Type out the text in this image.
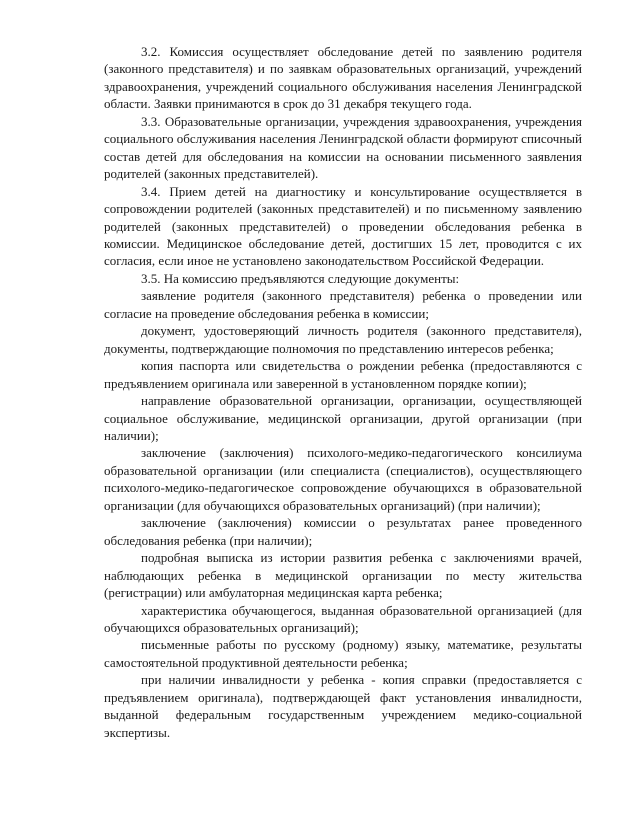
3.2. Комиссия осуществляет обследование детей по заявлению родителя (законного представителя) и по заявкам образовательных организаций, учреждений здравоохранения, учреждений социального обслуживания населения Ленинградской области. Заявки принимаются в срок до 31 декабря текущего года.

3.3. Образовательные организации, учреждения здравоохранения, учреждения социального обслуживания населения Ленинградской области формируют списочный состав детей для обследования на комиссии на основании письменного заявления родителей (законных представителей).

3.4. Прием детей на диагностику и консультирование осуществляется в сопровождении родителей (законных представителей) и по письменному заявлению родителей (законных представителей) о проведении обследования ребенка в комиссии. Медицинское обследование детей, достигших 15 лет, проводится с их согласия, если иное не установлено законодательством Российской Федерации.

3.5. На комиссию предъявляются следующие документы:

заявление родителя (законного представителя) ребенка о проведении или согласие на проведение обследования ребенка в комиссии;

документ, удостоверяющий личность родителя (законного представителя), документы, подтверждающие полномочия по представлению интересов ребенка;

копия паспорта или свидетельства о рождении ребенка (предоставляются с предъявлением оригинала или заверенной в установленном порядке копии);

направление образовательной организации, организации, осуществляющей социальное обслуживание, медицинской организации, другой организации (при наличии);

заключение (заключения) психолого-медико-педагогического консилиума образовательной организации (или специалиста (специалистов), осуществляющего психолого-медико-педагогическое сопровождение обучающихся в образовательной организации (для обучающихся образовательных организаций) (при наличии);

заключение (заключения) комиссии о результатах ранее проведенного обследования ребенка (при наличии);

подробная выписка из истории развития ребенка с заключениями врачей, наблюдающих ребенка в медицинской организации по месту жительства (регистрации) или амбулаторная медицинская карта ребенка;

характеристика обучающегося, выданная образовательной организацией (для обучающихся образовательных организаций);

письменные работы по русскому (родному) языку, математике, результаты самостоятельной продуктивной деятельности ребенка;

при наличии инвалидности у ребенка - копия справки (предоставляется с предъявлением оригинала), подтверждающей факт установления инвалидности, выданной федеральным государственным учреждением медико-социальной экспертизы.
